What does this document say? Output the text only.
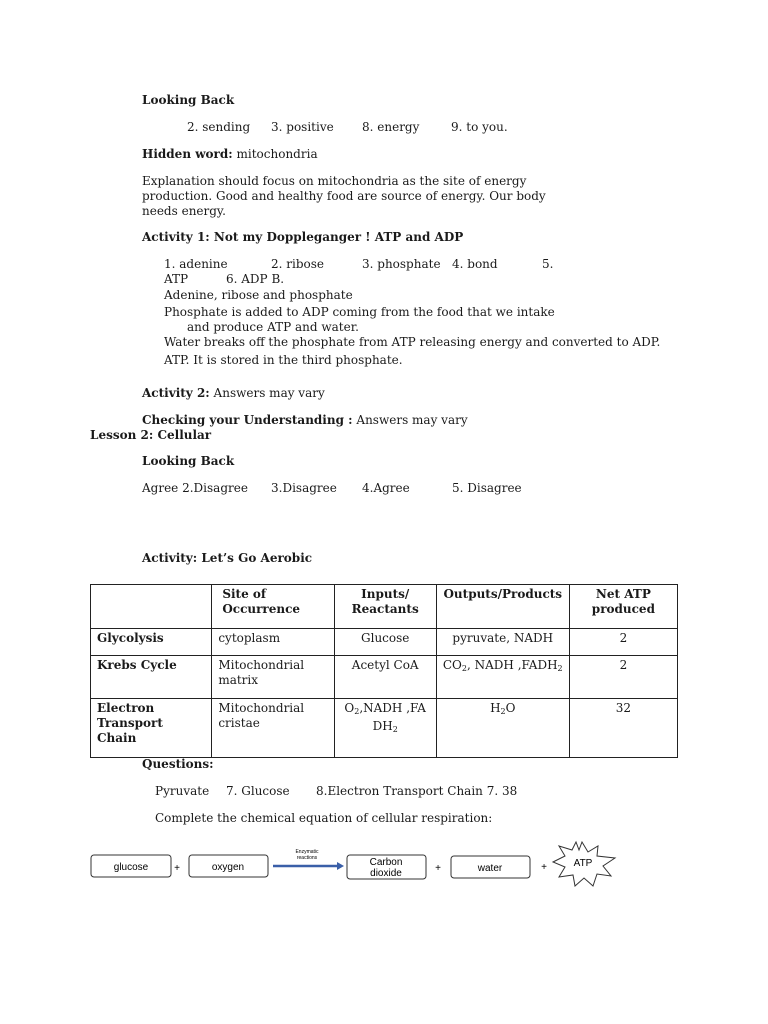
Looking Back
2. sending 3. positive 8. energy	9. to you.
Hidden word: mitochondria
Explanation should focus on mitochondria as the site of energy
production. Good and healthy food are source of energy. Our body
needs energy.
Activity 1: Not my Doppleganger ! ATP and ADP
1. adenine	2. ribose	3. phosphate 4. bond	5.
ATP	6. ADP B.
Adenine, ribose and phosphate
Phosphate is added to ADP coming from the food that we intake
and produce ATP and water.
Water breaks off the phosphate from ATP releasing energy and converted to ADP.
ATP. It is stored in the third phosphate.
Activity 2: Answers may vary
Checking your Understanding : Answers may vary
Lesson 2: Cellular
Looking Back
Agree 2.Disagree 3.Disagree 4.Agree	5. Disagree
Activity: Let’s Go Aerobic
	Site of Occurrence	Inputs/ Reactants	Outputs/Products	Net ATP produced
Glycolysis	cytoplasm	Glucose	pyruvate, NADH	2
Krebs Cycle	Mitochondrial matrix	Acetyl CoA	$CO_2$, NADH $,FADH_2$	2
Electron Transport Chain	Mitochondrial cristae	$O_2,NADH$ ,FA $DH_2$	$H_2O$	32
Questions:
Pyruvate 7. Glucose 8.Electron Transport Chain 7. 38
Complete the chemical equation of cellular respiration:
glucose	+	oxygen
Enzymatic
reactions	Carbon
dioxide	+	water	+	ATP
